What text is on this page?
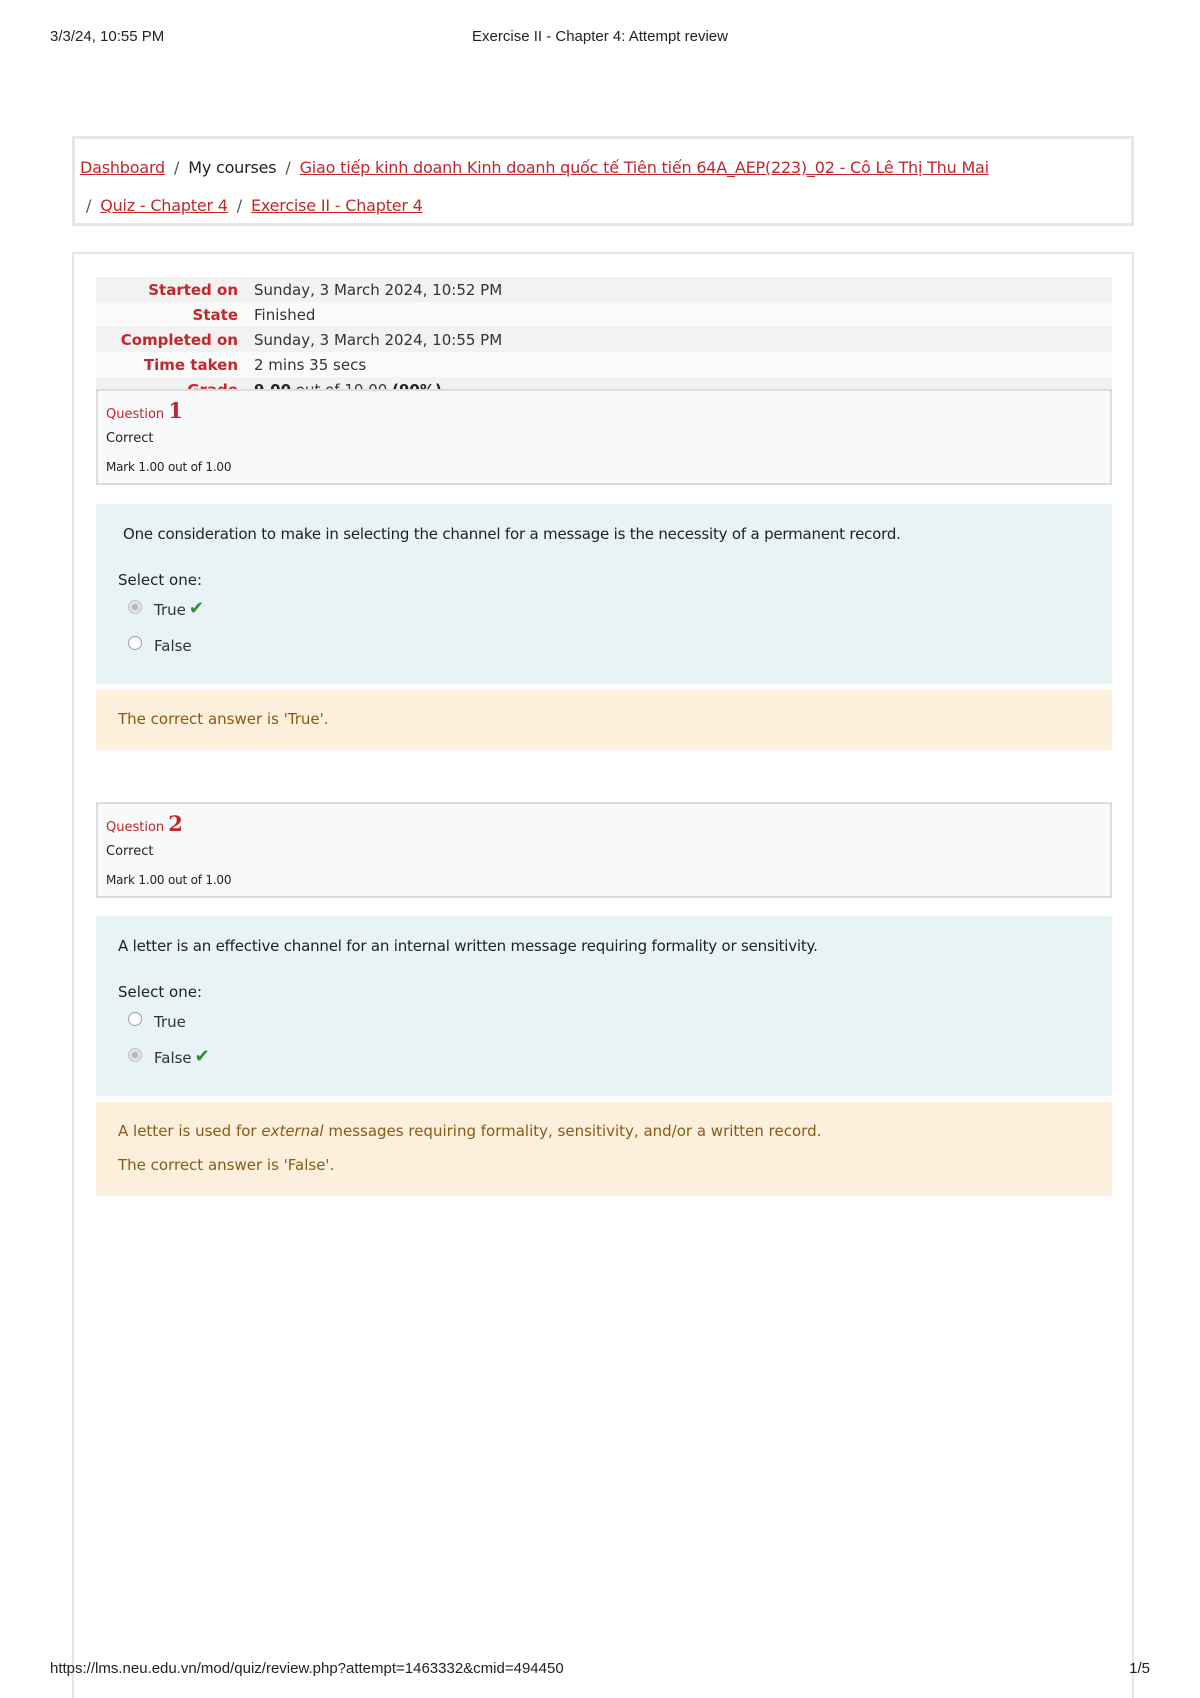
3/3/24, 10:55 PM	Exercise II - Chapter 4: Attempt review
Dashboard / My courses / Giao tiếp kinh doanh Kinh doanh quốc tế Tiên tiến 64A_AEP(223)_02 - Cô Lê Thị Thu Mai
/ Quiz - Chapter 4 / Exercise II - Chapter 4
Started on	Sunday, 3 March 2024, 10:52 PM
State	Finished
Completed on	Sunday, 3 March 2024, 10:55 PM
Time taken	2 mins 35 secs
Question 1
Correct
Mark 1.00 out of 1.00
One consideration to make in selecting the channel for a message is the necessity of a permanent record.
Select one:
True ✔
False
The correct answer is 'True'.
Question 2
Correct
Mark 1.00 out of 1.00
A letter is an effective channel for an internal written message requiring formality or sensitivity.
Select one:
True
False ✔
A letter is used for external messages requiring formality, sensitivity, and/or a written record.
The correct answer is 'False'.
https://lms.neu.edu.vn/mod/quiz/review.php?attempt=1463332&cmid=494450	1/5
